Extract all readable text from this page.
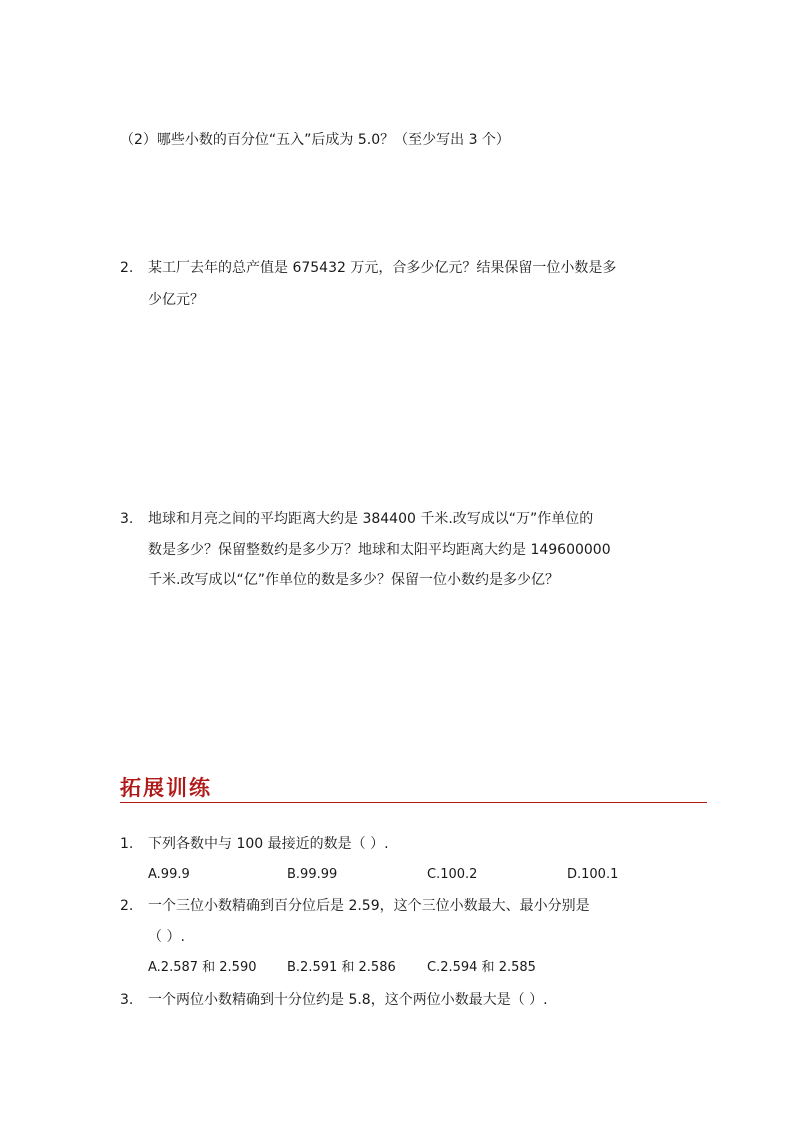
（2）哪些小数的百分位“五入”后成为 5.0？（至少写出 3 个）
2. 某工厂去年的总产值是 675432 万元，合多少亿元？结果保留一位小数是多
少亿元？
3. 地球和月亮之间的平均距离大约是 384400 千米.改写成以“万”作单位的
数是多少？保留整数约是多少万？地球和太阳平均距离大约是 149600000
千米.改写成以“亿”作单位的数是多少？保留一位小数约是多少亿？
拓展训练
1. 下列各数中与 100 最接近的数是（ ）.
A.99.9	B.99.99	C.100.2	D.100.1
2. 一个三位小数精确到百分位后是 2.59，这个三位小数最大、最小分别是
（ ）.
A.2.587 和 2.590 B.2.591 和 2.586 C.2.594 和 2.585
3. 一个两位小数精确到十分位约是 5.8，这个两位小数最大是（ ）.
